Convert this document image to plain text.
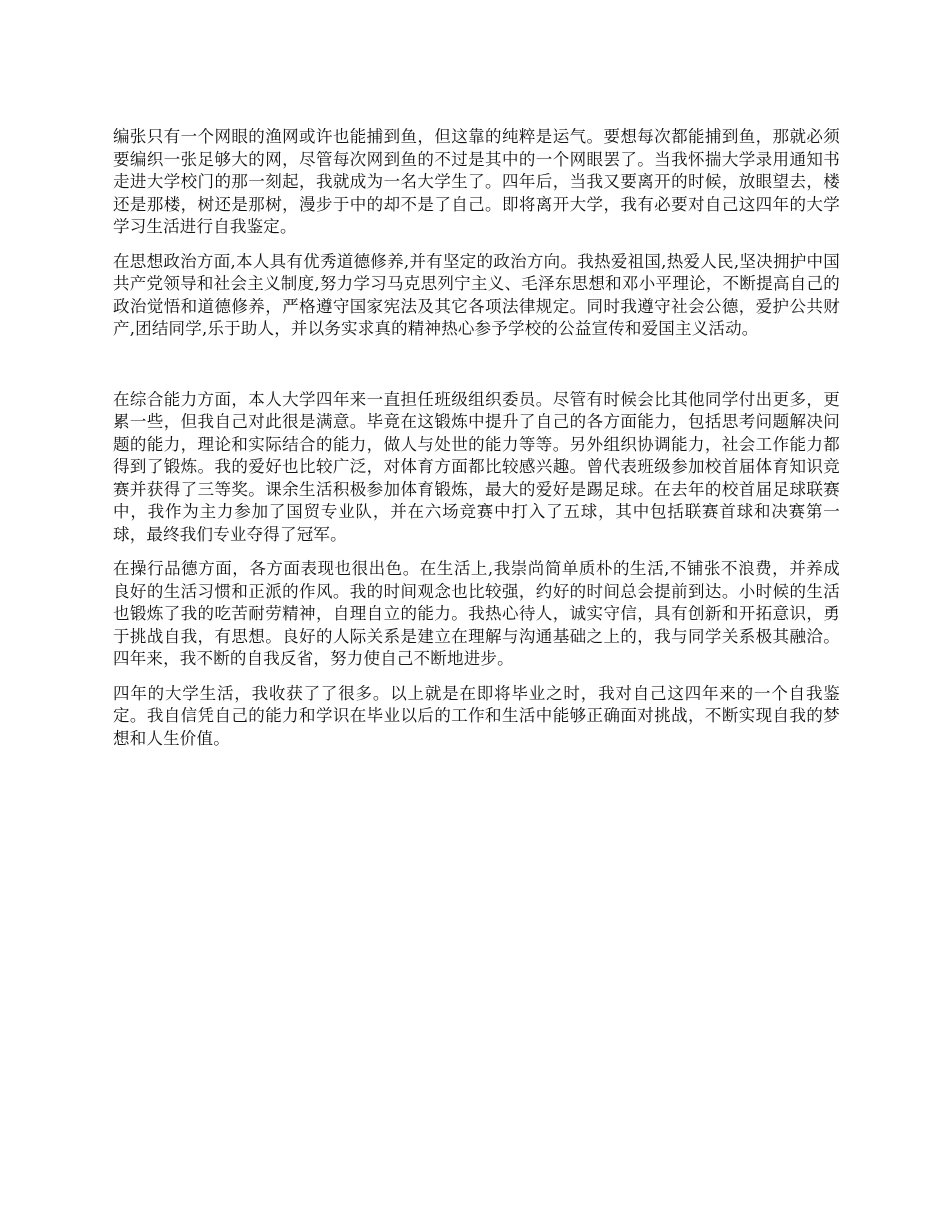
编张只有一个网眼的渔网或许也能捕到鱼，但这靠的纯粹是运气。要想每次都能捕到鱼，那就必须要编织一张足够大的网，尽管每次网到鱼的不过是其中的一个网眼罢了。当我怀揣大学录用通知书走进大学校门的那一刻起，我就成为一名大学生了。四年后，当我又要离开的时候，放眼望去，楼还是那楼，树还是那树，漫步于中的却不是了自己。即将离开大学，我有必要对自己这四年的大学学习生活进行自我鉴定。

在思想政治方面,本人具有优秀道德修养,并有坚定的政治方向。我热爱祖国,热爱人民,坚决拥护中国共产党领导和社会主义制度,努力学习马克思列宁主义、毛泽东思想和邓小平理论，不断提高自己的政治觉悟和道德修养，严格遵守国家宪法及其它各项法律规定。同时我遵守社会公德，爱护公共财产,团结同学,乐于助人，并以务实求真的精神热心参予学校的公益宣传和爱国主义活动。

在综合能力方面，本人大学四年来一直担任班级组织委员。尽管有时候会比其他同学付出更多，更累一些，但我自己对此很是满意。毕竟在这锻炼中提升了自己的各方面能力，包括思考问题解决问题的能力，理论和实际结合的能力，做人与处世的能力等等。另外组织协调能力，社会工作能力都得到了锻炼。我的爱好也比较广泛，对体育方面都比较感兴趣。曾代表班级参加校首届体育知识竞赛并获得了三等奖。课余生活积极参加体育锻炼，最大的爱好是踢足球。在去年的校首届足球联赛中，我作为主力参加了国贸专业队，并在六场竞赛中打入了五球，其中包括联赛首球和决赛第一球，最终我们专业夺得了冠军。

在操行品德方面，各方面表现也很出色。在生活上,我崇尚简单质朴的生活,不铺张不浪费，并养成良好的生活习惯和正派的作风。我的时间观念也比较强，约好的时间总会提前到达。小时候的生活也锻炼了我的吃苦耐劳精神，自理自立的能力。我热心待人，诚实守信，具有创新和开拓意识，勇于挑战自我，有思想。良好的人际关系是建立在理解与沟通基础之上的，我与同学关系极其融洽。四年来，我不断的自我反省，努力使自己不断地进步。

四年的大学生活，我收获了了很多。以上就是在即将毕业之时，我对自己这四年来的一个自我鉴定。我自信凭自己的能力和学识在毕业以后的工作和生活中能够正确面对挑战，不断实现自我的梦想和人生价值。
